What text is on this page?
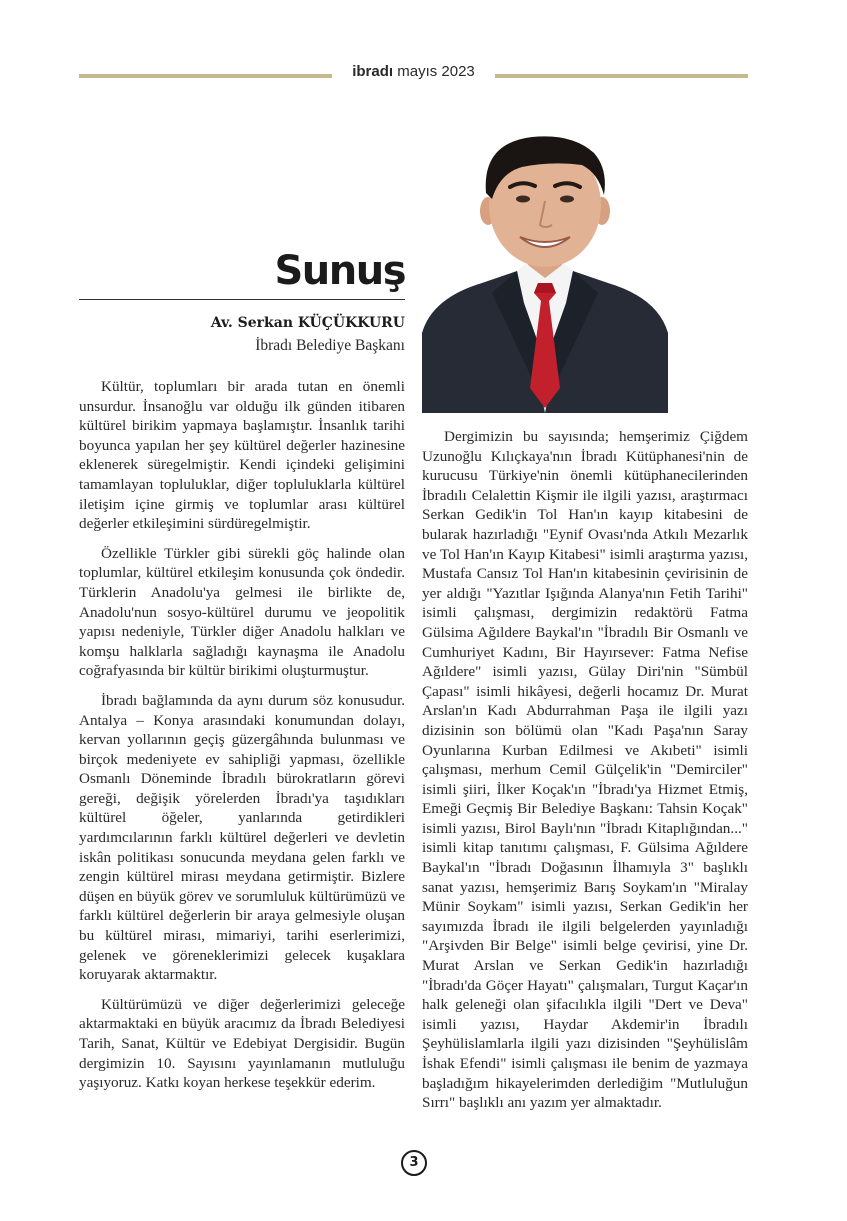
ibradı mayıs 2023
Sunuş
Av. Serkan KÜÇÜKKURU
İbradı Belediye Başkanı

Kültür, toplumları bir arada tutan en önemli unsurdur. İnsanoğlu var olduğu ilk günden itibaren kültürel birikim yapmaya başlamıştır. İnsanlık tarihi boyunca yapılan her şey kültürel değerler hazinesine eklenerek süregelmiştir. Kendi içindeki gelişimini tamamlayan topluluklar, diğer topluluklarla kültürel iletişim içine girmiş ve toplumlar arası kültürel değerler etkileşimini sürdüregelmiştir.

Özellikle Türkler gibi sürekli göç halinde olan toplumlar, kültürel etkileşim konusunda çok öndedir. Türklerin Anadolu'ya gelmesi ile birlikte de, Anadolu'nun sosyo-kültürel durumu ve jeopolitik yapısı nedeniyle, Türkler diğer Anadolu halkları ve komşu halklarla sağladığı kaynaşma ile Anadolu coğrafyasında bir kültür birikimi oluşturmuştur.

İbradı bağlamında da aynı durum söz konusudur. Antalya – Konya arasındaki konumundan dolayı, kervan yollarının geçiş güzergâhında bulunması ve birçok medeniyete ev sahipliği yapması, özellikle Osmanlı Döneminde İbradılı bürokratların görevi gereği, değişik yörelerden İbradı'ya taşıdıkları kültürel öğeler, yanlarında getirdikleri yardımcılarının farklı kültürel değerleri ve devletin iskân politikası sonucunda meydana gelen farklı ve zengin kültürel mirası meydana getirmiştir. Bizlere düşen en büyük görev ve sorumluluk kültürümüzü ve farklı kültürel değerlerin bir araya gelmesiyle oluşan bu kültürel mirası, mimariyi, tarihi eserlerimizi, gelenek ve göreneklerimizi gelecek kuşaklara koruyarak aktarmaktır.

Kültürümüzü ve diğer değerlerimizi geleceğe aktarmaktaki en büyük aracımız da İbradı Belediyesi Tarih, Sanat, Kültür ve Edebiyat Dergisidir. Bugün dergimizin 10. Sayısını yayınlamanın mutluluğu yaşıyoruz. Katkı koyan herkese teşekkür ederim.

Dergimizin bu sayısında; hemşerimiz Çiğdem Uzunoğlu Kılıçkaya'nın İbradı Kütüphanesi'nin de kurucusu Türkiye'nin önemli kütüphanecilerinden İbradılı Celalettin Kişmir ile ilgili yazısı, araştırmacı Serkan Gedik'in Tol Han'ın kayıp kitabesini de bularak hazırladığı "Eynif Ovası'nda Atkılı Mezarlık ve Tol Han'ın Kayıp Kitabesi" isimli araştırma yazısı, Mustafa Cansız Tol Han'ın kitabesinin çevirisinin de yer aldığı "Yazıtlar Işığında Alanya'nın Fetih Tarihi" isimli çalışması, dergimizin redaktörü Fatma Gülsima Ağıldere Baykal'ın "İbradılı Bir Osmanlı ve Cumhuriyet Kadını, Bir Hayırsever: Fatma Nefise Ağıldere" isimli yazısı, Gülay Diri'nin "Sümbül Çapası" isimli hikâyesi, değerli hocamız Dr. Murat Arslan'ın Kadı Abdurrahman Paşa ile ilgili yazı dizisinin son bölümü olan "Kadı Paşa'nın Saray Oyunlarına Kurban Edilmesi ve Akıbeti" isimli çalışması, merhum Cemil Gülçelik'in "Demirciler" isimli şiiri, İlker Koçak'ın "İbradı'ya Hizmet Etmiş, Emeği Geçmiş Bir Belediye Başkanı: Tahsin Koçak" isimli yazısı, Birol Baylı'nın "İbradı Kitaplığından..." isimli kitap tanıtımı çalışması, F. Gülsima Ağıldere Baykal'ın "İbradı Doğasının İlhamıyla 3" başlıklı sanat yazısı, hemşerimiz Barış Soykam'ın "Miralay Münir Soykam" isimli yazısı, Serkan Gedik'in her sayımızda İbradı ile ilgili belgelerden yayınladığı "Arşivden Bir Belge" isimli belge çevirisi, yine Dr. Murat Arslan ve Serkan Gedik'in hazırladığı "İbradı'da Göçer Hayatı" çalışmaları, Turgut Kaçar'ın halk geleneği olan şifacılıkla ilgili "Dert ve Deva" isimli yazısı, Haydar Akdemir'in İbradılı Şeyhülislamlarla ilgili yazı dizisinden "Şeyhülislâm İshak Efendi" isimli çalışması ile benim de yazmaya başladığım hikayelerimden derlediğim "Mutluluğun Sırrı" başlıklı anı yazım yer almaktadır.

3
